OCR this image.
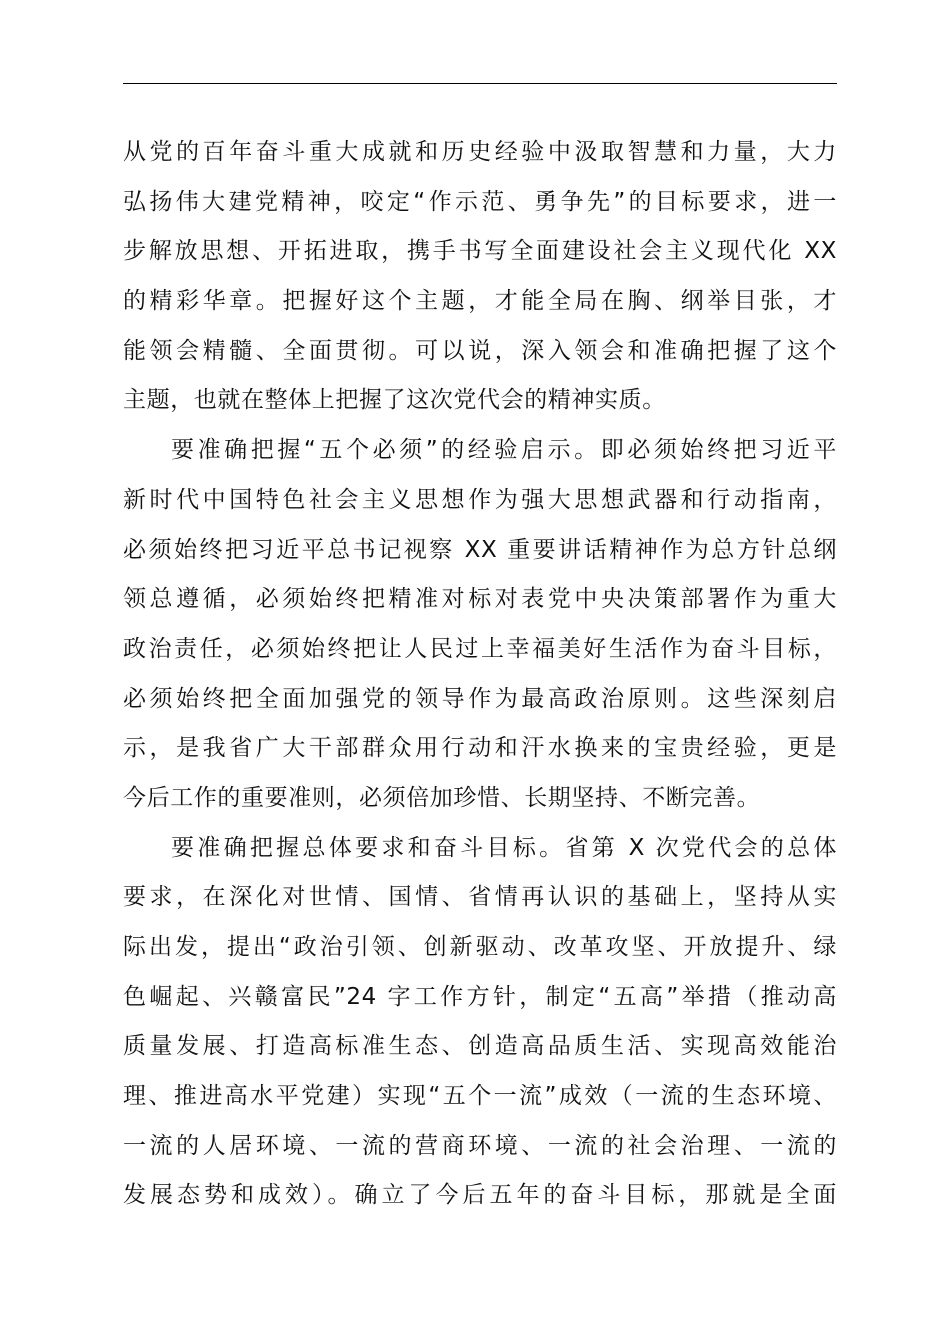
从党的百年奋斗重大成就和历史经验中汲取智慧和力量，大力
弘扬伟大建党精神，咬定“作示范、勇争先”的目标要求，进一
步解放思想、开拓进取，携手书写全面建设社会主义现代化 XX
的精彩华章。把握好这个主题，才能全局在胸、纲举目张，才
能领会精髓、全面贯彻。可以说，深入领会和准确把握了这个
主题，也就在整体上把握了这次党代会的精神实质。
要准确把握“五个必须”的经验启示。即必须始终把习近平
新时代中国特色社会主义思想作为强大思想武器和行动指南，
必须始终把习近平总书记视察 XX 重要讲话精神作为总方针总纲
领总遵循，必须始终把精准对标对表党中央决策部署作为重大
政治责任，必须始终把让人民过上幸福美好生活作为奋斗目标，
必须始终把全面加强党的领导作为最高政治原则。这些深刻启
示，是我省广大干部群众用行动和汗水换来的宝贵经验，更是
今后工作的重要准则，必须倍加珍惜、长期坚持、不断完善。
要准确把握总体要求和奋斗目标。省第 X 次党代会的总体
要求，在深化对世情、国情、省情再认识的基础上，坚持从实
际出发，提出“政治引领、创新驱动、改革攻坚、开放提升、绿
色崛起、兴赣富民”24 字工作方针，制定“五高”举措（推动高
质量发展、打造高标准生态、创造高品质生活、实现高效能治
理、推进高水平党建）实现“五个一流”成效（一流的生态环境、
一流的人居环境、一流的营商环境、一流的社会治理、一流的
发展态势和成效）。确立了今后五年的奋斗目标，那就是全面
